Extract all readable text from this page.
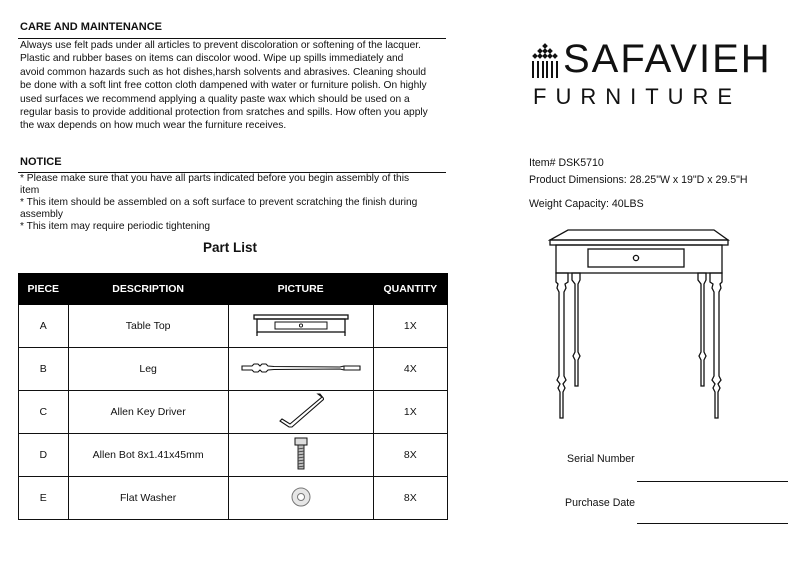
CARE AND MAINTENANCE
Always use felt pads under all articles to prevent discoloration or softening of the lacquer.
Plastic and rubber bases on items can discolor wood. Wipe up spills immediately and
avoid common hazards such as hot dishes,harsh solvents and abrasives. Cleaning should
be done with a soft lint free cotton cloth dampened with water or furniture polish. On highly
used surfaces we recommend applying a quality paste wax which should be used on a
regular basis to provide additional protection from sratches and spills. How often you apply
the wax depends on how much wear the furniture receives.
NOTICE
* Please make sure that you have all parts indicated before you begin assembly of this
item
* This item should be assembled on a soft surface to prevent scratching the finish during
assembly
* This item may require periodic tightening
Part List
PIECE	DESCRIPTION	PICTURE	QUANTITY
A	Table Top		1X
B	Leg		4X
C	Allen Key Driver		1X
D	Allen Bot 8x1.41x45mm		8X
E	Flat Washer		8X
SAFAVIEH
FURNITURE
Item# DSK5710
Product Dimensions: 28.25"W x 19"D x 29.5"H
Weight Capacity: 40LBS
Serial Number
Purchase Date
